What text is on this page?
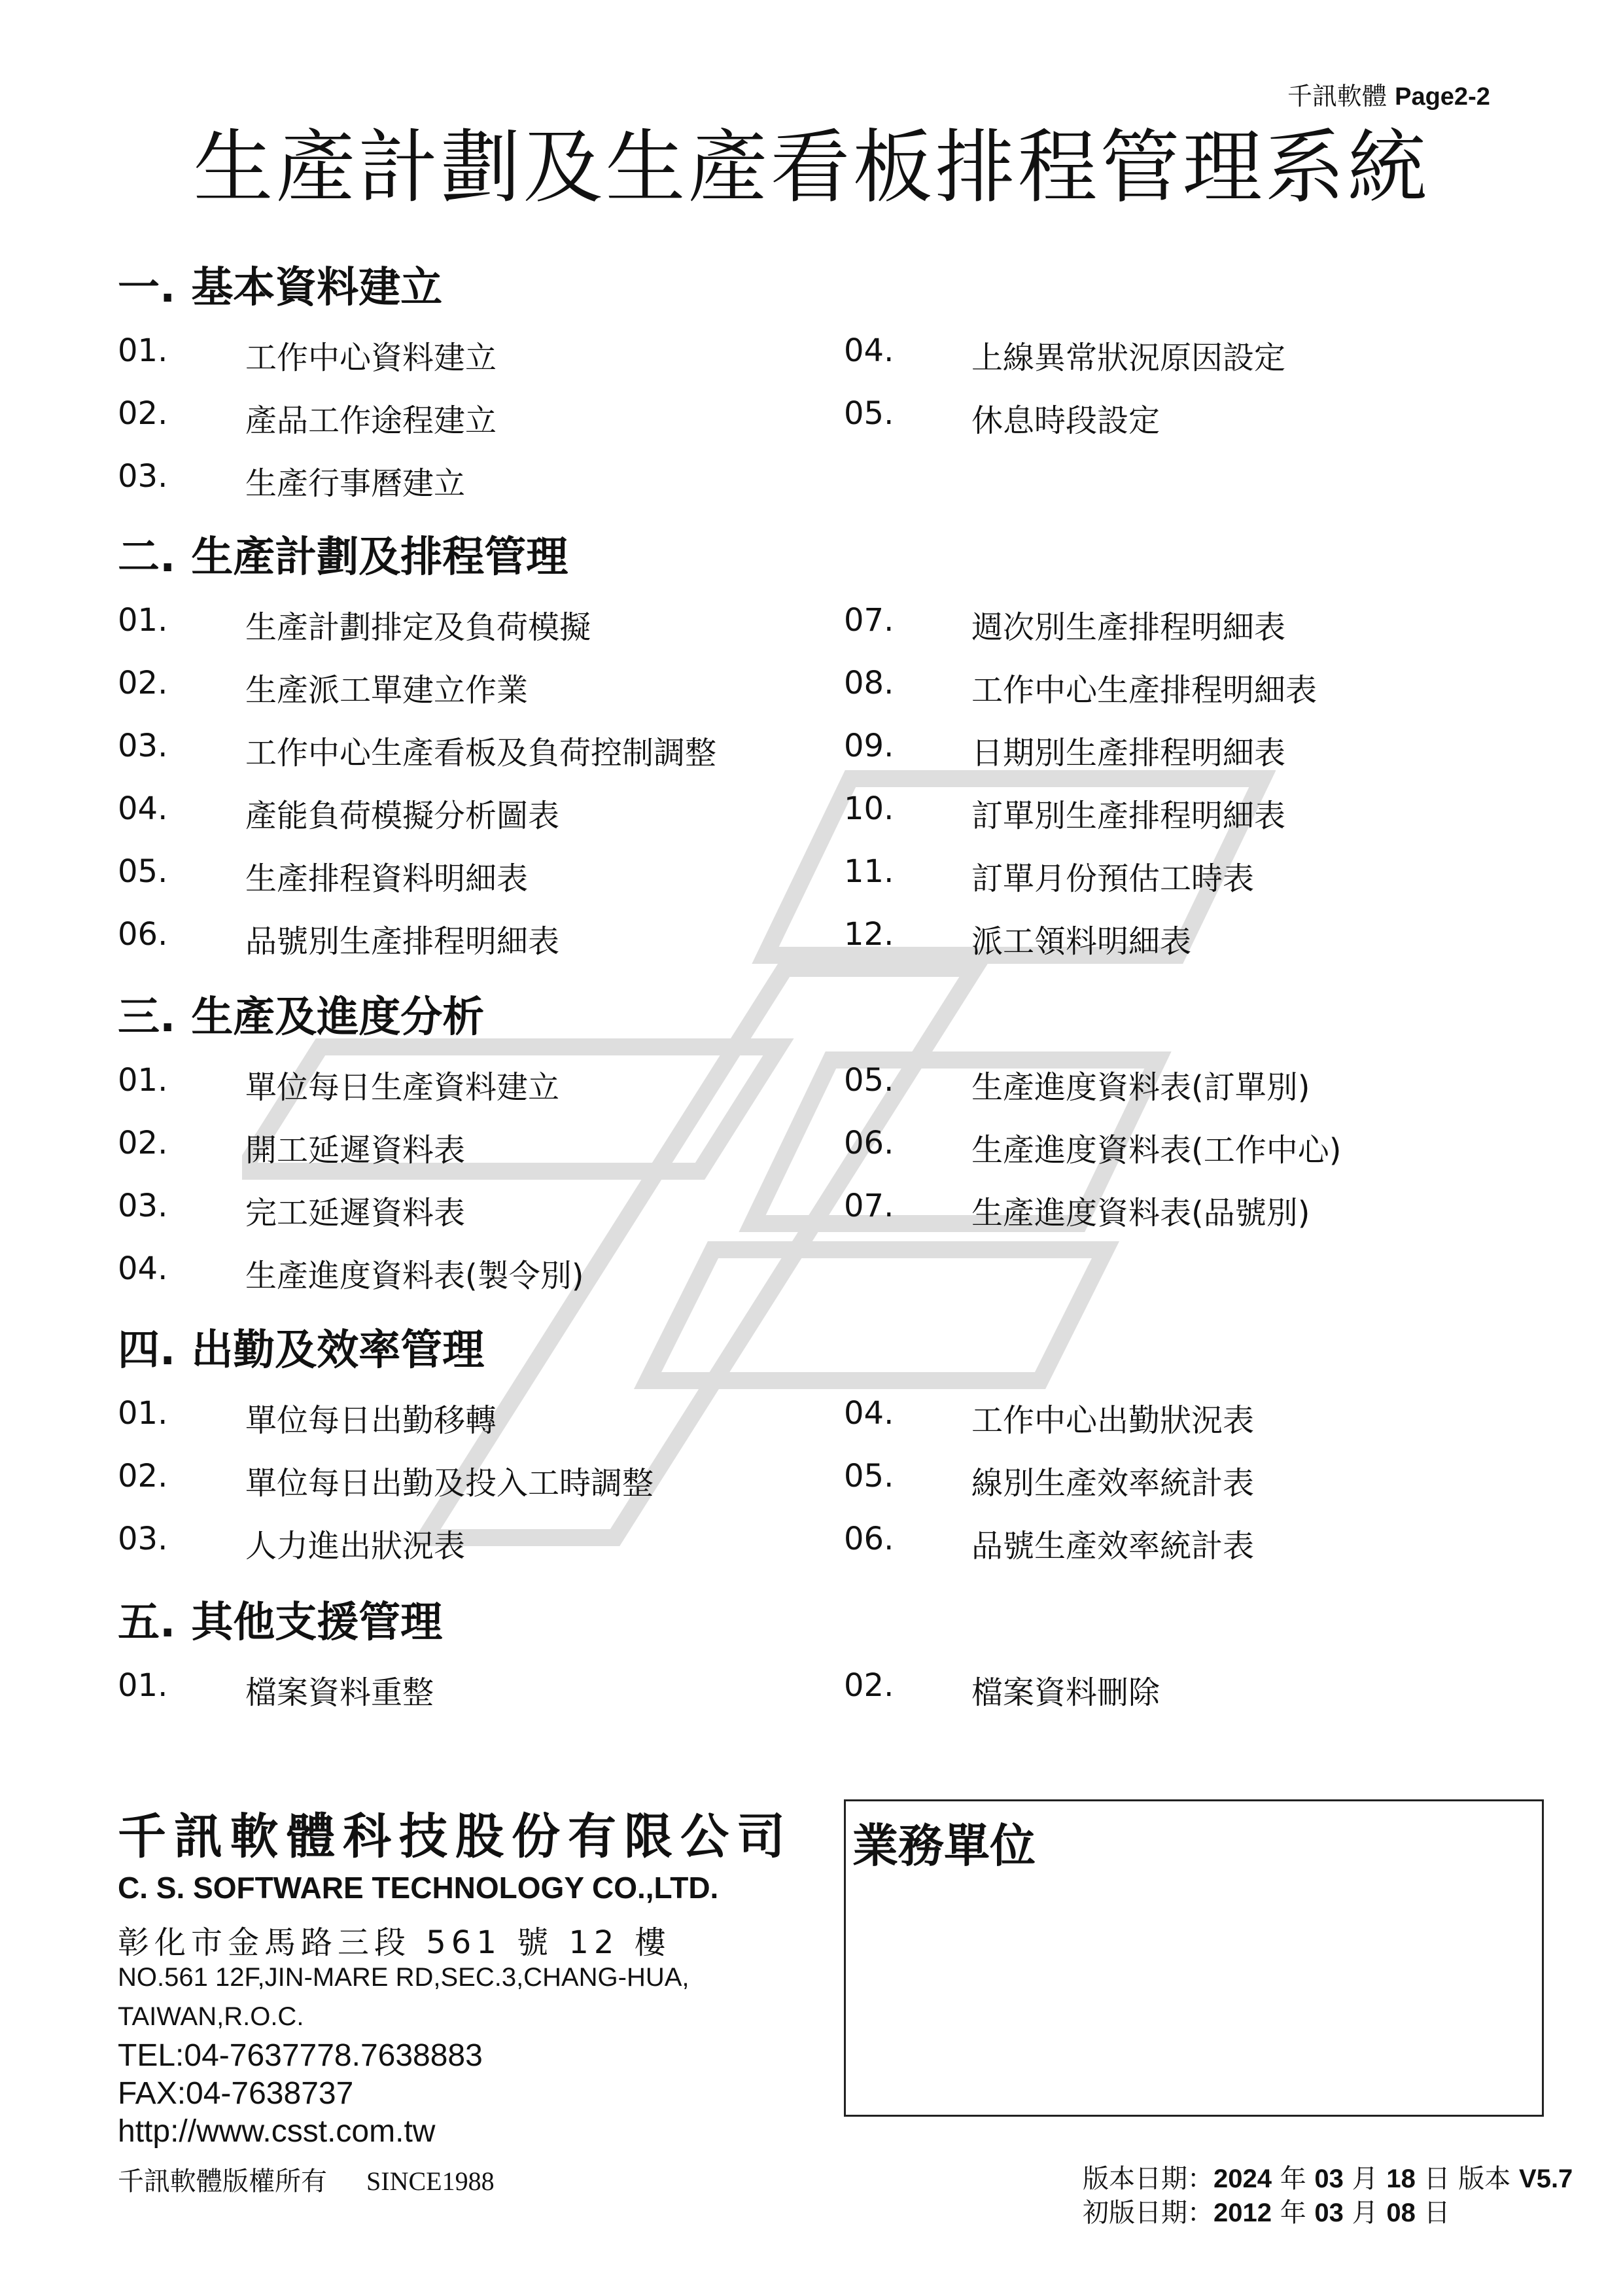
千訊軟體 Page2-2
生產計劃及生產看板排程管理系統
一. 基本資料建立
01. 工作中心資料建立
02. 產品工作途程建立
03. 生產行事曆建立
04. 上線異常狀況原因設定
05. 休息時段設定
二. 生產計劃及排程管理
01. 生產計劃排定及負荷模擬
02. 生產派工單建立作業
03. 工作中心生產看板及負荷控制調整
04. 產能負荷模擬分析圖表
05. 生產排程資料明細表
06. 品號別生產排程明細表
07. 週次別生產排程明細表
08. 工作中心生產排程明細表
09. 日期別生產排程明細表
10. 訂單別生產排程明細表
11. 訂單月份預估工時表
12. 派工領料明細表
三. 生產及進度分析
01. 單位每日生產資料建立
02. 開工延遲資料表
03. 完工延遲資料表
04. 生產進度資料表(製令別)
05. 生產進度資料表(訂單別)
06. 生產進度資料表(工作中心)
07. 生產進度資料表(品號別)
四. 出勤及效率管理
01. 單位每日出勤移轉
02. 單位每日出勤及投入工時調整
03. 人力進出狀況表
04. 工作中心出勤狀況表
05. 線別生產效率統計表
06. 品號生產效率統計表
五. 其他支援管理
01. 檔案資料重整	02. 檔案資料刪除
千訊軟體科技股份有限公司
C. S. SOFTWARE TECHNOLOGY CO.,LTD.
彰化市金馬路三段 561 號 12 樓
NO.561 12F,JIN-MARE RD,SEC.3,CHANG-HUA,
TAIWAN,R.O.C.
TEL:04-7637778.7638883
FAX:04-7638737
http://www.csst.com.tw
業務單位
千訊軟體版權所有 SINCE1988	版本日期：2024 年 03 月 18 日 版本 V5.7
初版日期：2012 年 03 月 08 日
